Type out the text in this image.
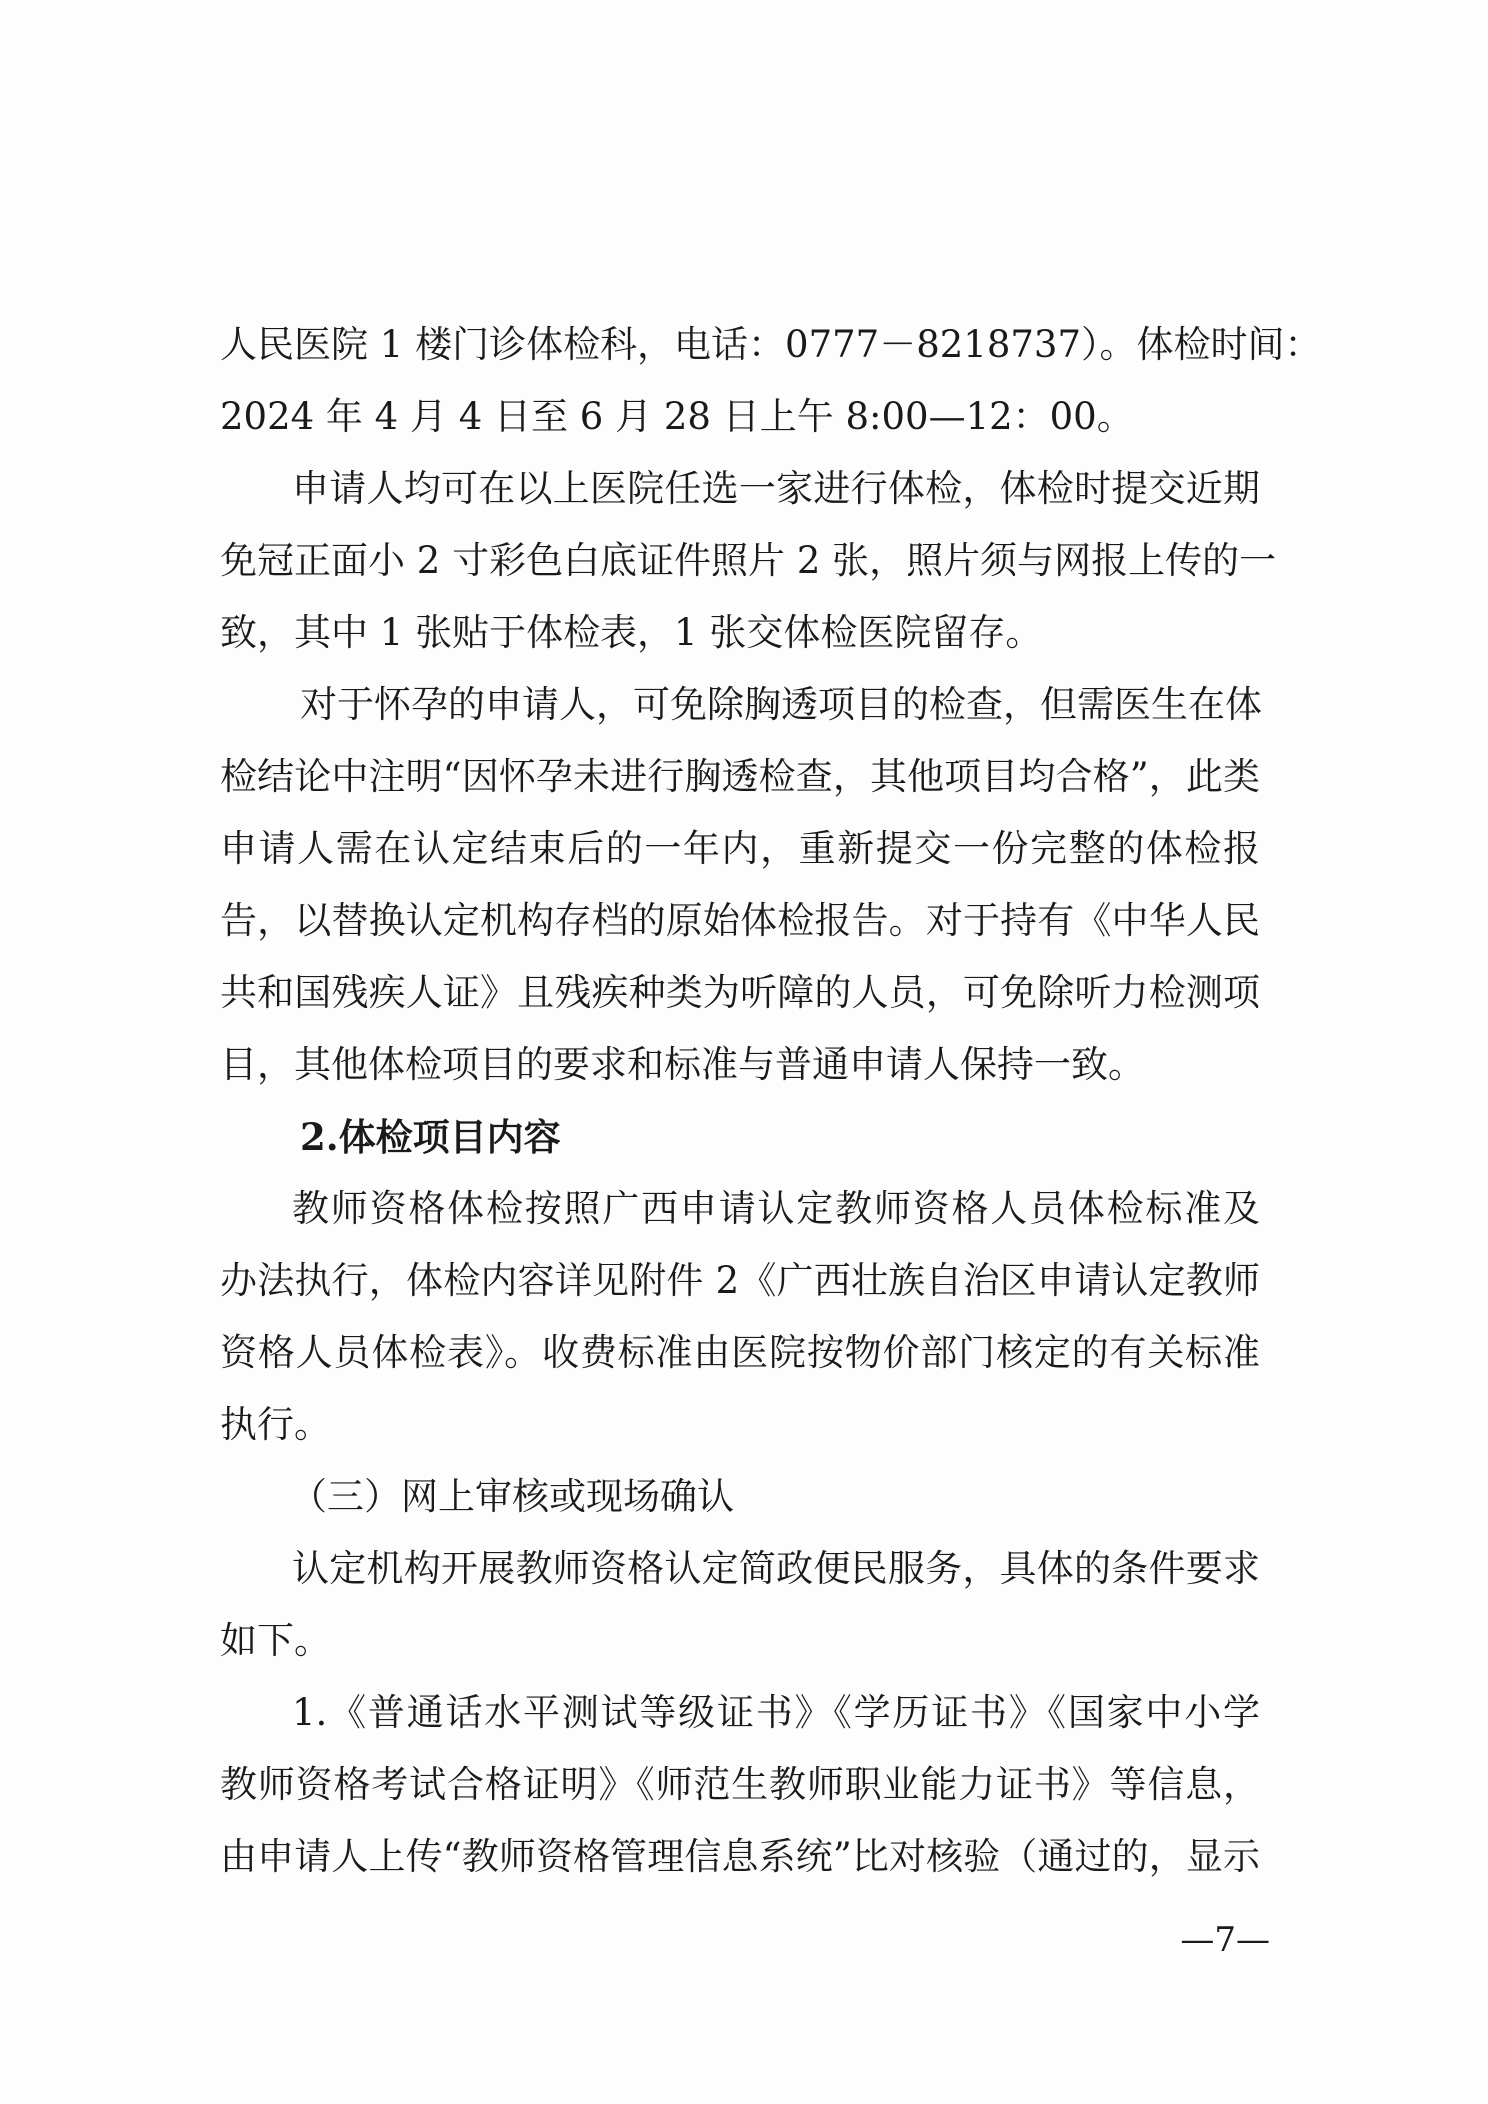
人民医院 1 楼门诊体检科，电话：0777－8218737）。体检时间：
2024 年 4 月 4 日至 6 月 28 日上午 8:00—12：00。
申请人均可在以上医院任选一家进行体检，体检时提交近期
免冠正面小 2 寸彩色白底证件照片 2 张，照片须与网报上传的一
致，其中 1 张贴于体检表，1 张交体检医院留存。
对于怀孕的申请人，可免除胸透项目的检查，但需医生在体
检结论中注明“因怀孕未进行胸透检查，其他项目均合格”，此类
申请人需在认定结束后的一年内，重新提交一份完整的体检报
告，以替换认定机构存档的原始体检报告。对于持有《中华人民
共和国残疾人证》且残疾种类为听障的人员，可免除听力检测项
目，其他体检项目的要求和标准与普通申请人保持一致。
2.体检项目内容
教师资格体检按照广西申请认定教师资格人员体检标准及
办法执行，体检内容详见附件 2《广西壮族自治区申请认定教师
资格人员体检表》。收费标准由医院按物价部门核定的有关标准
执行。
（三）网上审核或现场确认
认定机构开展教师资格认定简政便民服务，具体的条件要求
如下。
1.《普通话水平测试等级证书》《学历证书》《国家中小学
教师资格考试合格证明》《师范生教师职业能力证书》等信息，
由申请人上传“教师资格管理信息系统”比对核验（通过的，显示
—7—
